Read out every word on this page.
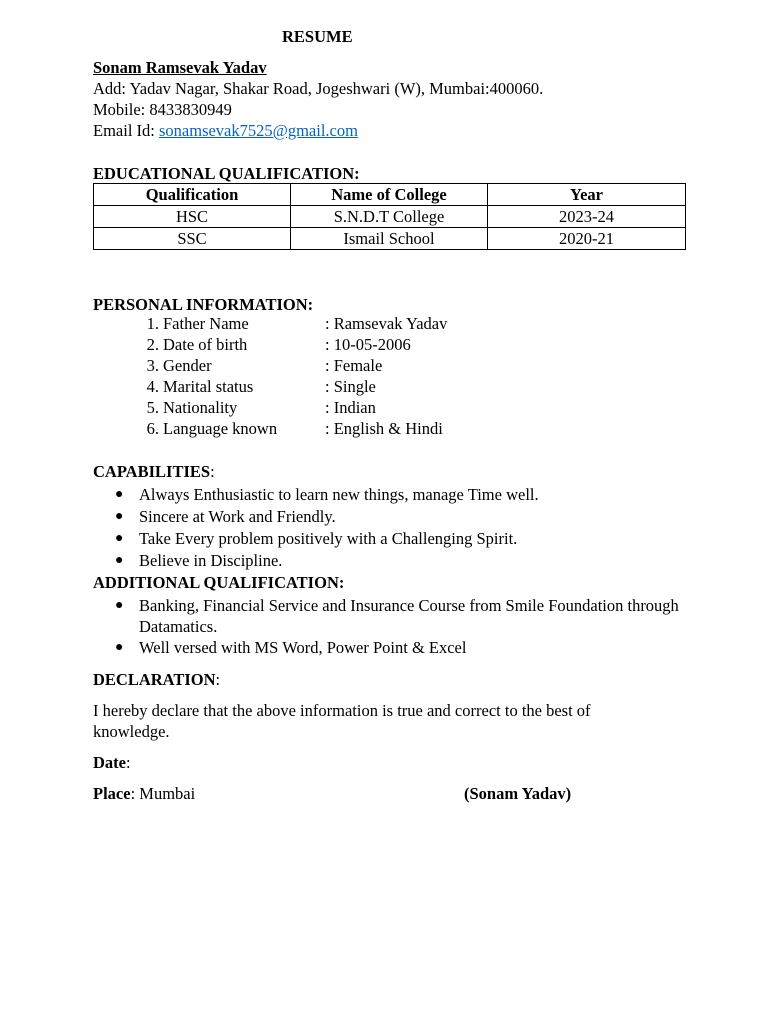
RESUME
Sonam Ramsevak Yadav
Add: Yadav Nagar, Shakar Road, Jogeshwari (W), Mumbai:400060.
Mobile: 8433830949
Email Id: sonamsevak7525@gmail.com
EDUCATIONAL QUALIFICATION:
Qualification	Name of College	Year
HSC	S.N.D.T College	2023-24
SSC	Ismail School	2020-21
PERSONAL INFORMATION:
1. Father Name	: Ramsevak Yadav
2. Date of birth	: 10-05-2006
3. Gender	: Female
4. Marital status	: Single
5. Nationality	: Indian
6. Language known	: English & Hindi
CAPABILITIES:
● Always Enthusiastic to learn new things, manage Time well.
● Sincere at Work and Friendly.
● Take Every problem positively with a Challenging Spirit.
● Believe in Discipline.
ADDITIONAL QUALIFICATION:
● Banking, Financial Service and Insurance Course from Smile Foundation through Datamatics.
● Well versed with MS Word, Power Point & Excel
DECLARATION:
I hereby declare that the above information is true and correct to the best of knowledge.
Date:
Place: Mumbai	(Sonam Yadav)
